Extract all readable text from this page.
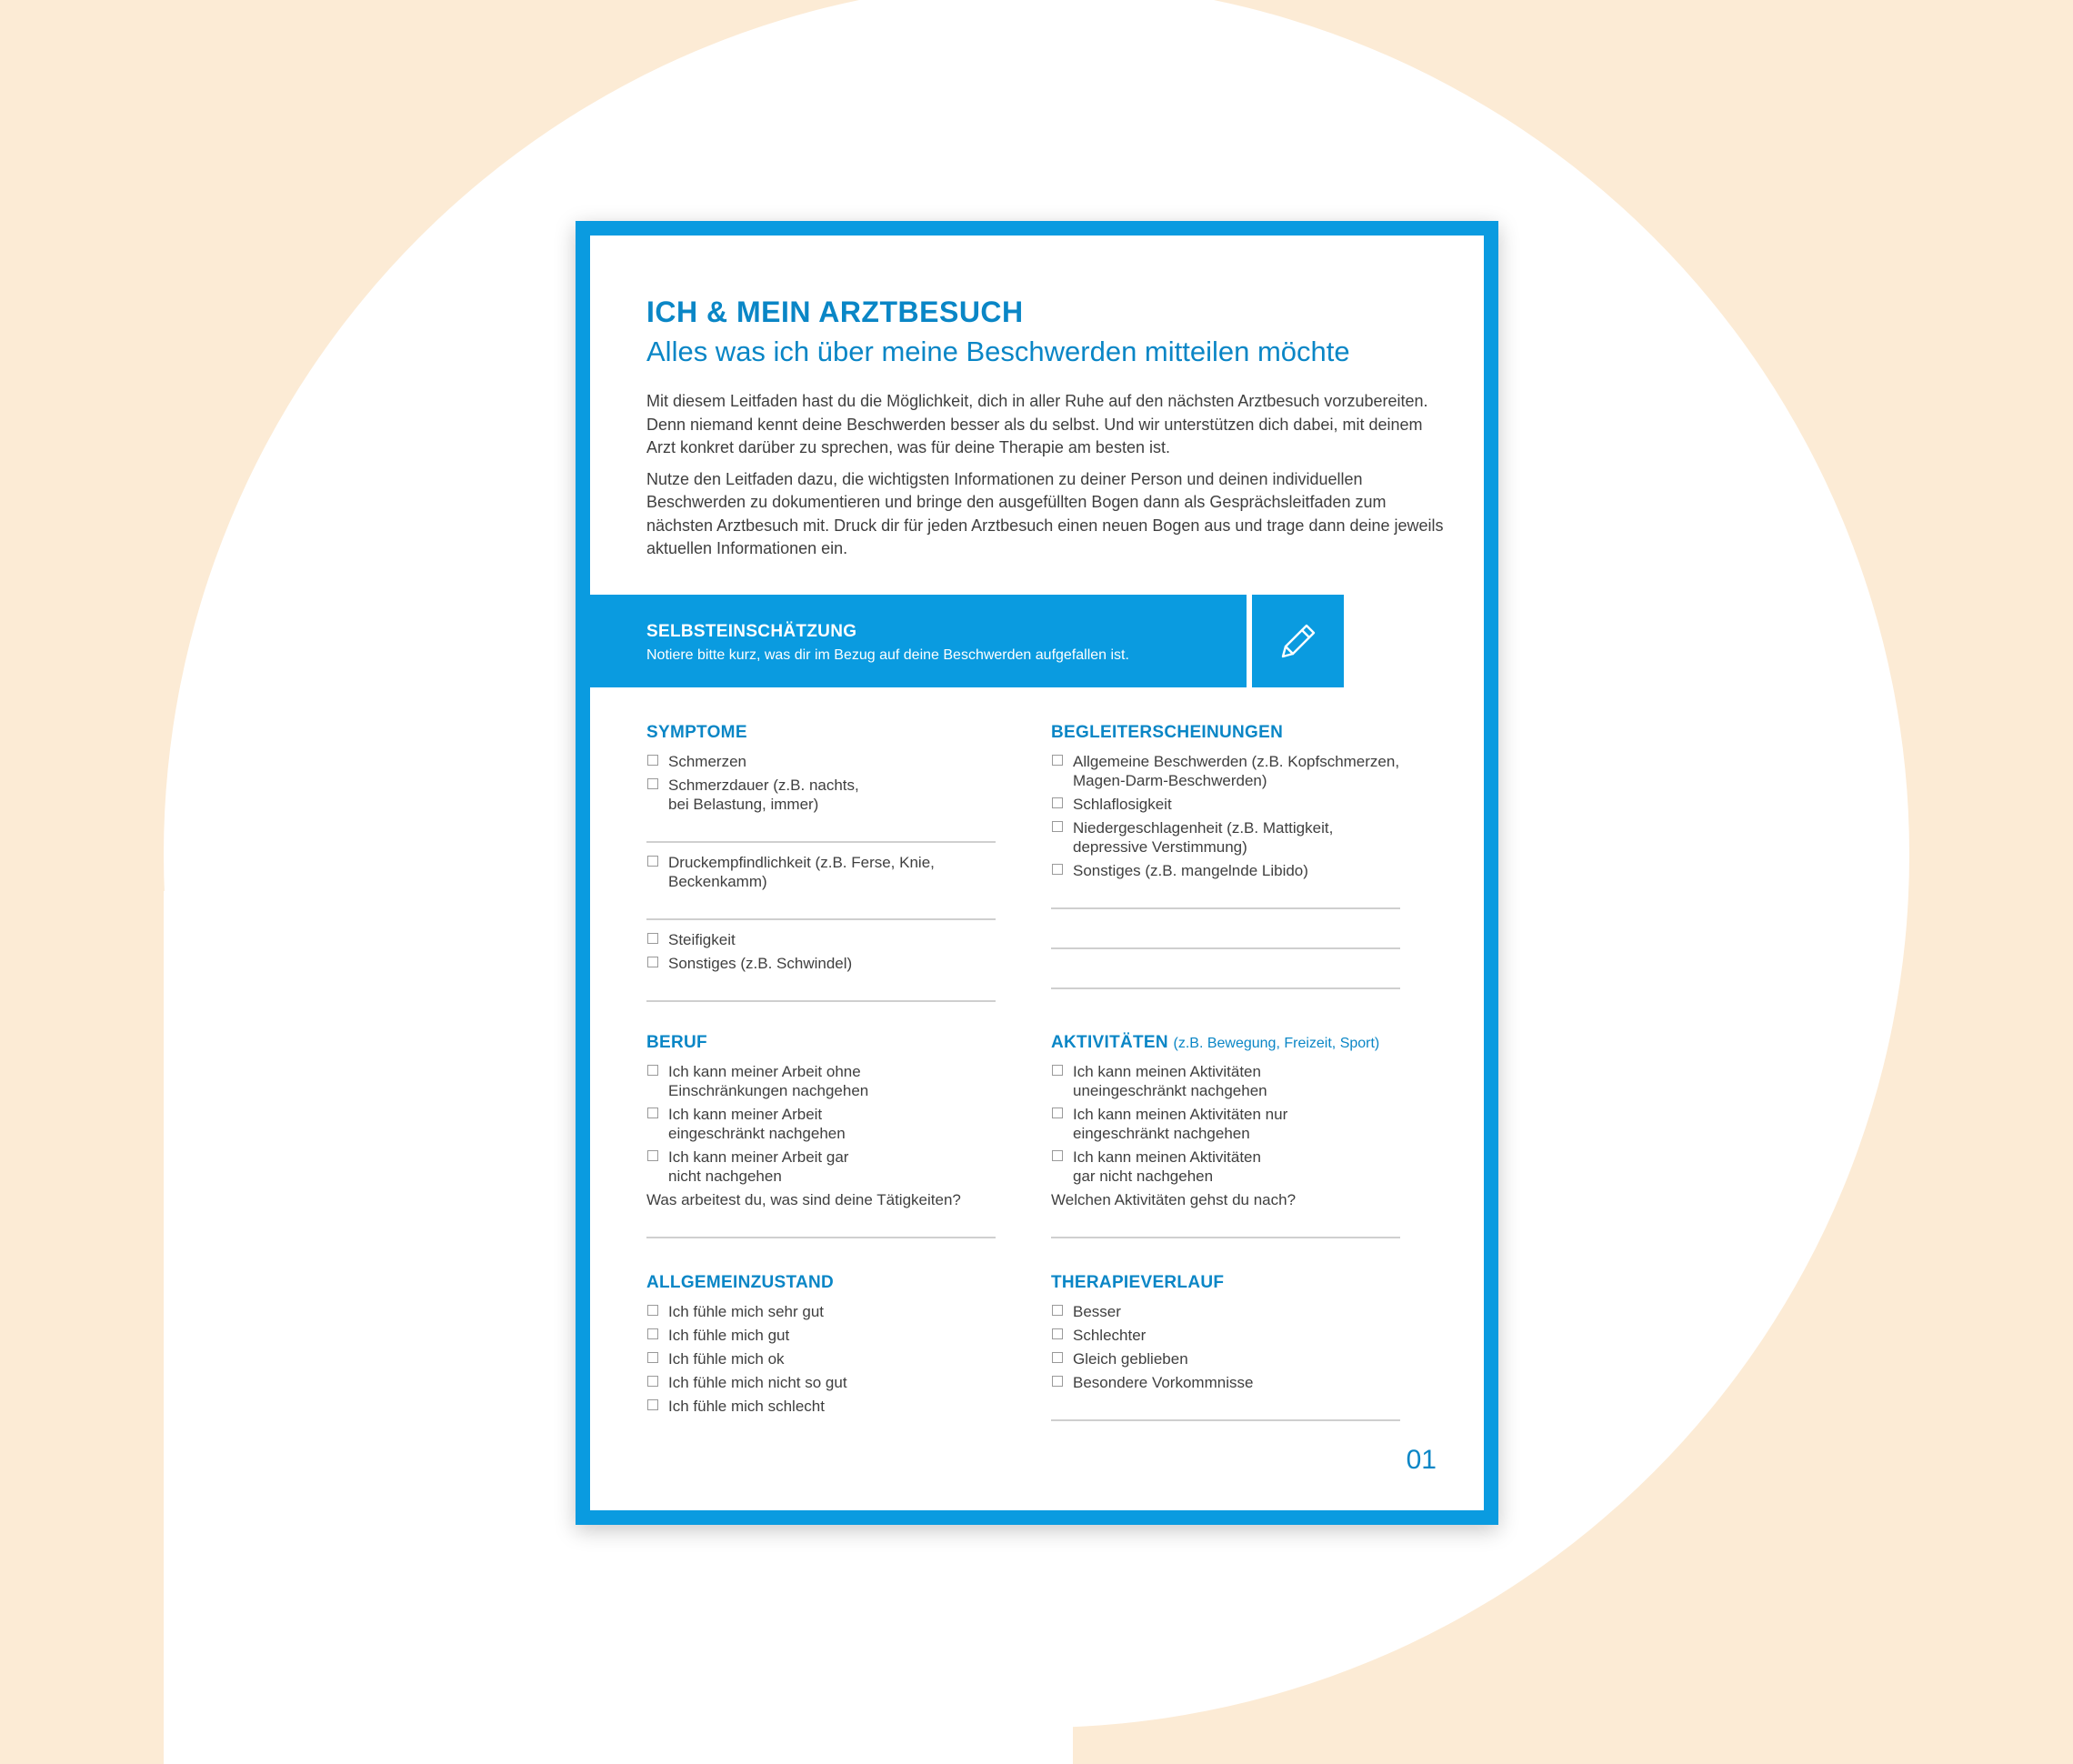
ICH & MEIN ARZTBESUCH
Alles was ich über meine Beschwerden mitteilen möchte

Mit diesem Leitfaden hast du die Möglichkeit, dich in aller Ruhe auf den nächsten Arztbesuch vorzubereiten. Denn niemand kennt deine Beschwerden besser als du selbst. Und wir unterstützen dich dabei, mit deinem Arzt konkret darüber zu sprechen, was für deine Therapie am besten ist.

Nutze den Leitfaden dazu, die wichtigsten Informationen zu deiner Person und deinen individuellen Beschwerden zu dokumentieren und bringe den ausgefüllten Bogen dann als Gesprächsleitfaden zum nächsten Arztbesuch mit. Druck dir für jeden Arztbesuch einen neuen Bogen aus und trage dann deine jeweils aktuellen Informationen ein.

SELBSTEINSCHÄTZUNG
Notiere bitte kurz, was dir im Bezug auf deine Beschwerden aufgefallen ist.
SYMPTOME
Schmerzen
Schmerzdauer (z.B. nachts,
bei Belastung, immer)
Druckempfindlichkeit (z.B. Ferse, Knie,
Beckenkamm)
Steifigkeit
Sonstiges (z.B. Schwindel)
BEGLEITERSCHEINUNGEN
Allgemeine Beschwerden (z.B. Kopfschmerzen,
Magen-Darm-Beschwerden)
Schlaflosigkeit
Niedergeschlagenheit (z.B. Mattigkeit,
depressive Verstimmung)
Sonstiges (z.B. mangelnde Libido)
BERUF
Ich kann meiner Arbeit ohne
Einschränkungen nachgehen
Ich kann meiner Arbeit
eingeschränkt nachgehen
Ich kann meiner Arbeit gar
nicht nachgehen
Was arbeitest du, was sind deine Tätigkeiten?
AKTIVITÄTEN (z.B. Bewegung, Freizeit, Sport)
Ich kann meinen Aktivitäten
uneingeschränkt nachgehen
Ich kann meinen Aktivitäten nur
eingeschränkt nachgehen
Ich kann meinen Aktivitäten
gar nicht nachgehen
Welchen Aktivitäten gehst du nach?
ALLGEMEINZUSTAND
Ich fühle mich sehr gut
Ich fühle mich gut
Ich fühle mich ok
Ich fühle mich nicht so gut
Ich fühle mich schlecht
THERAPIEVERLAUF
Besser
Schlechter
Gleich geblieben
Besondere Vorkommnisse
01
